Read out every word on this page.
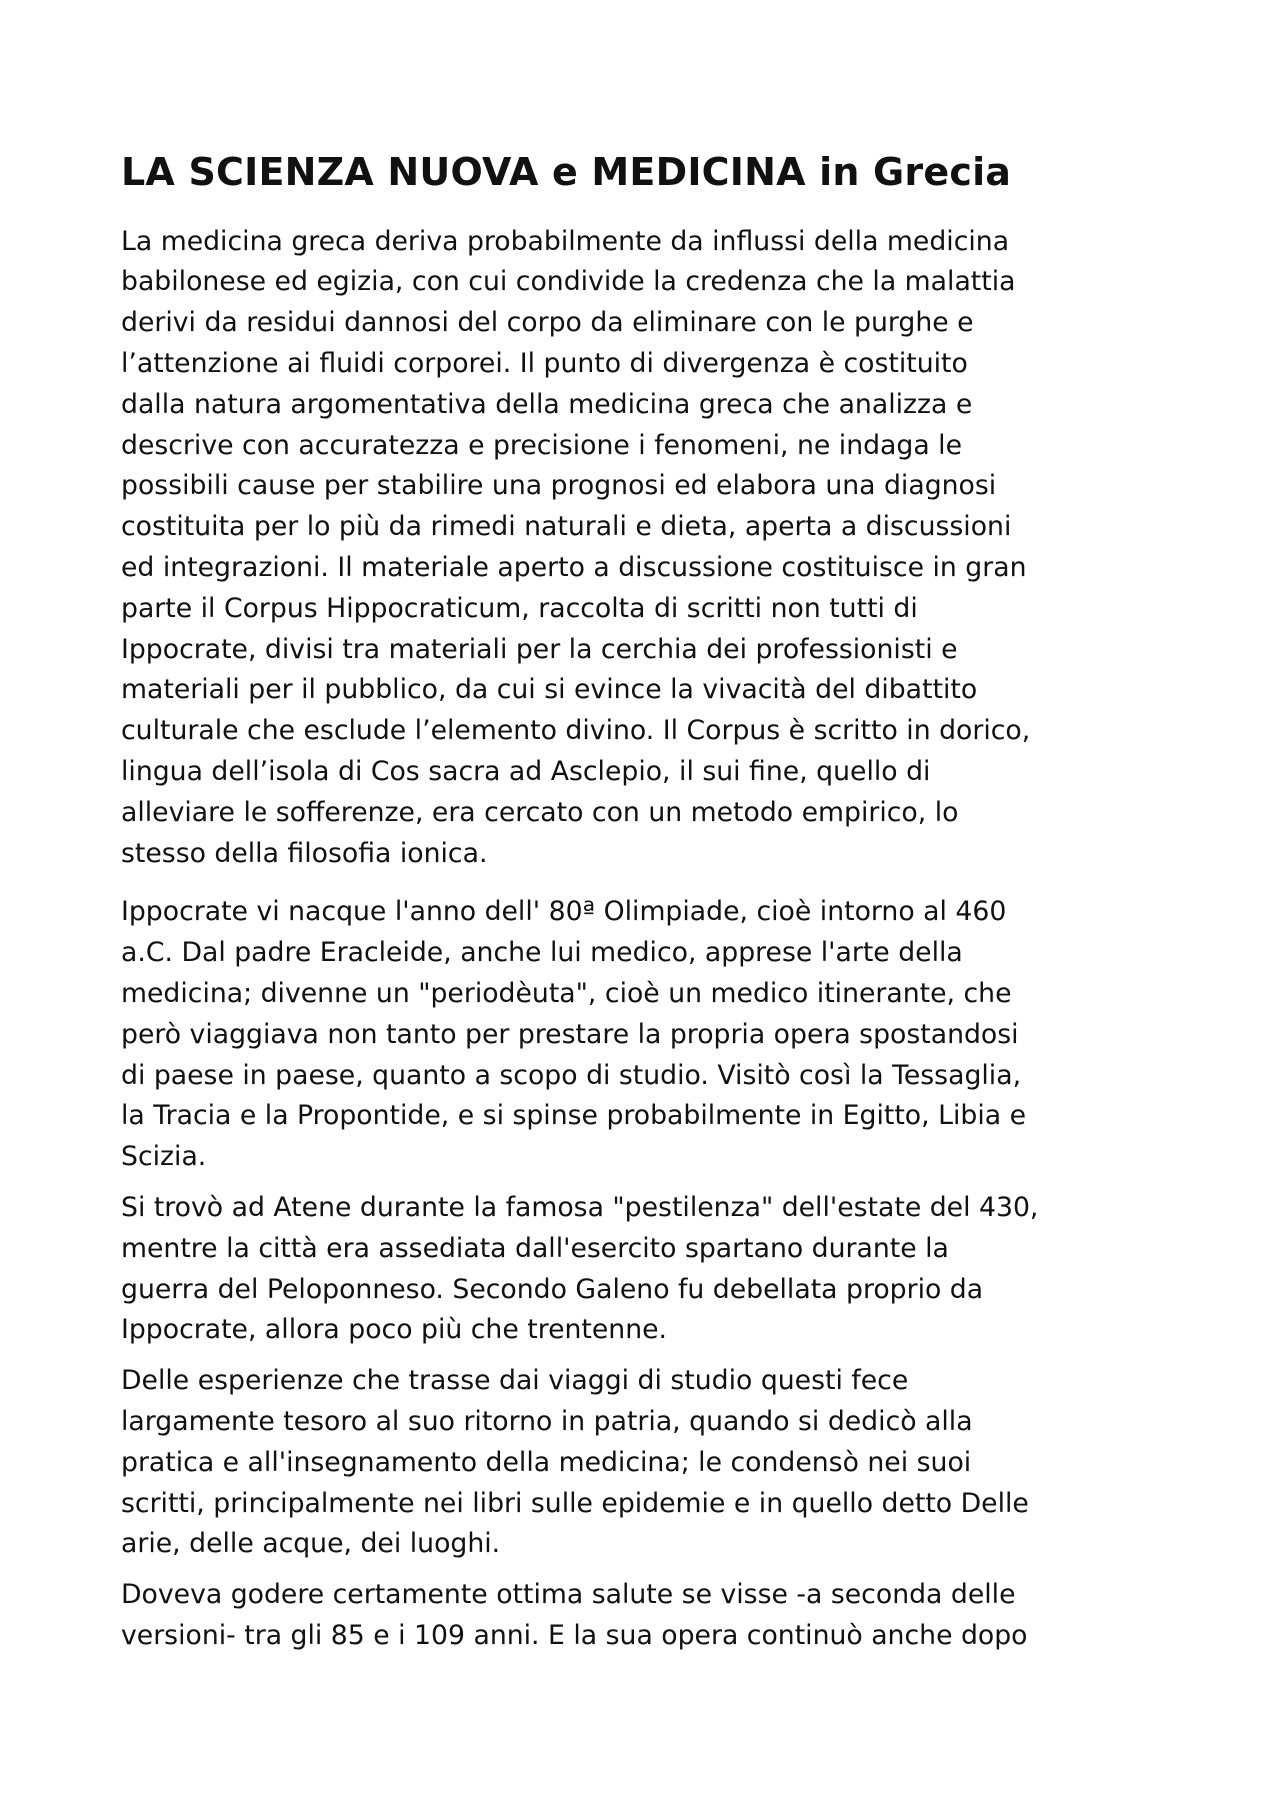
LA SCIENZA NUOVA e MEDICINA in Grecia

La medicina greca deriva probabilmente da influssi della medicina
babilonese ed egizia, con cui condivide la credenza che la malattia
derivi da residui dannosi del corpo da eliminare con le purghe e
l’attenzione ai fluidi corporei. Il punto di divergenza è costituito
dalla natura argomentativa della medicina greca che analizza e
descrive con accuratezza e precisione i fenomeni, ne indaga le
possibili cause per stabilire una prognosi ed elabora una diagnosi
costituita per lo più da rimedi naturali e dieta, aperta a discussioni
ed integrazioni. Il materiale aperto a discussione costituisce in gran
parte il Corpus Hippocraticum, raccolta di scritti non tutti di
Ippocrate, divisi tra materiali per la cerchia dei professionisti e
materiali per il pubblico, da cui si evince la vivacità del dibattito
culturale che esclude l’elemento divino. Il Corpus è scritto in dorico,
lingua dell’isola di Cos sacra ad Asclepio, il sui fine, quello di
alleviare le sofferenze, era cercato con un metodo empirico, lo
stesso della filosofia ionica.

Ippocrate vi nacque l'anno dell' 80ª Olimpiade, cioè intorno al 460
a.C. Dal padre Eracleide, anche lui medico, apprese l'arte della
medicina; divenne un "periodèuta", cioè un medico itinerante, che
però viaggiava non tanto per prestare la propria opera spostandosi
di paese in paese, quanto a scopo di studio. Visitò così la Tessaglia,
la Tracia e la Propontide, e si spinse probabilmente in Egitto, Libia e
Scizia.

Si trovò ad Atene durante la famosa "pestilenza" dell'estate del 430,
mentre la città era assediata dall'esercito spartano durante la
guerra del Peloponneso. Secondo Galeno fu debellata proprio da
Ippocrate, allora poco più che trentenne.

Delle esperienze che trasse dai viaggi di studio questi fece
largamente tesoro al suo ritorno in patria, quando si dedicò alla
pratica e all'insegnamento della medicina; le condensò nei suoi
scritti, principalmente nei libri sulle epidemie e in quello detto Delle
arie, delle acque, dei luoghi.

Doveva godere certamente ottima salute se visse -a seconda delle
versioni- tra gli 85 e i 109 anni. E la sua opera continuò anche dopo
